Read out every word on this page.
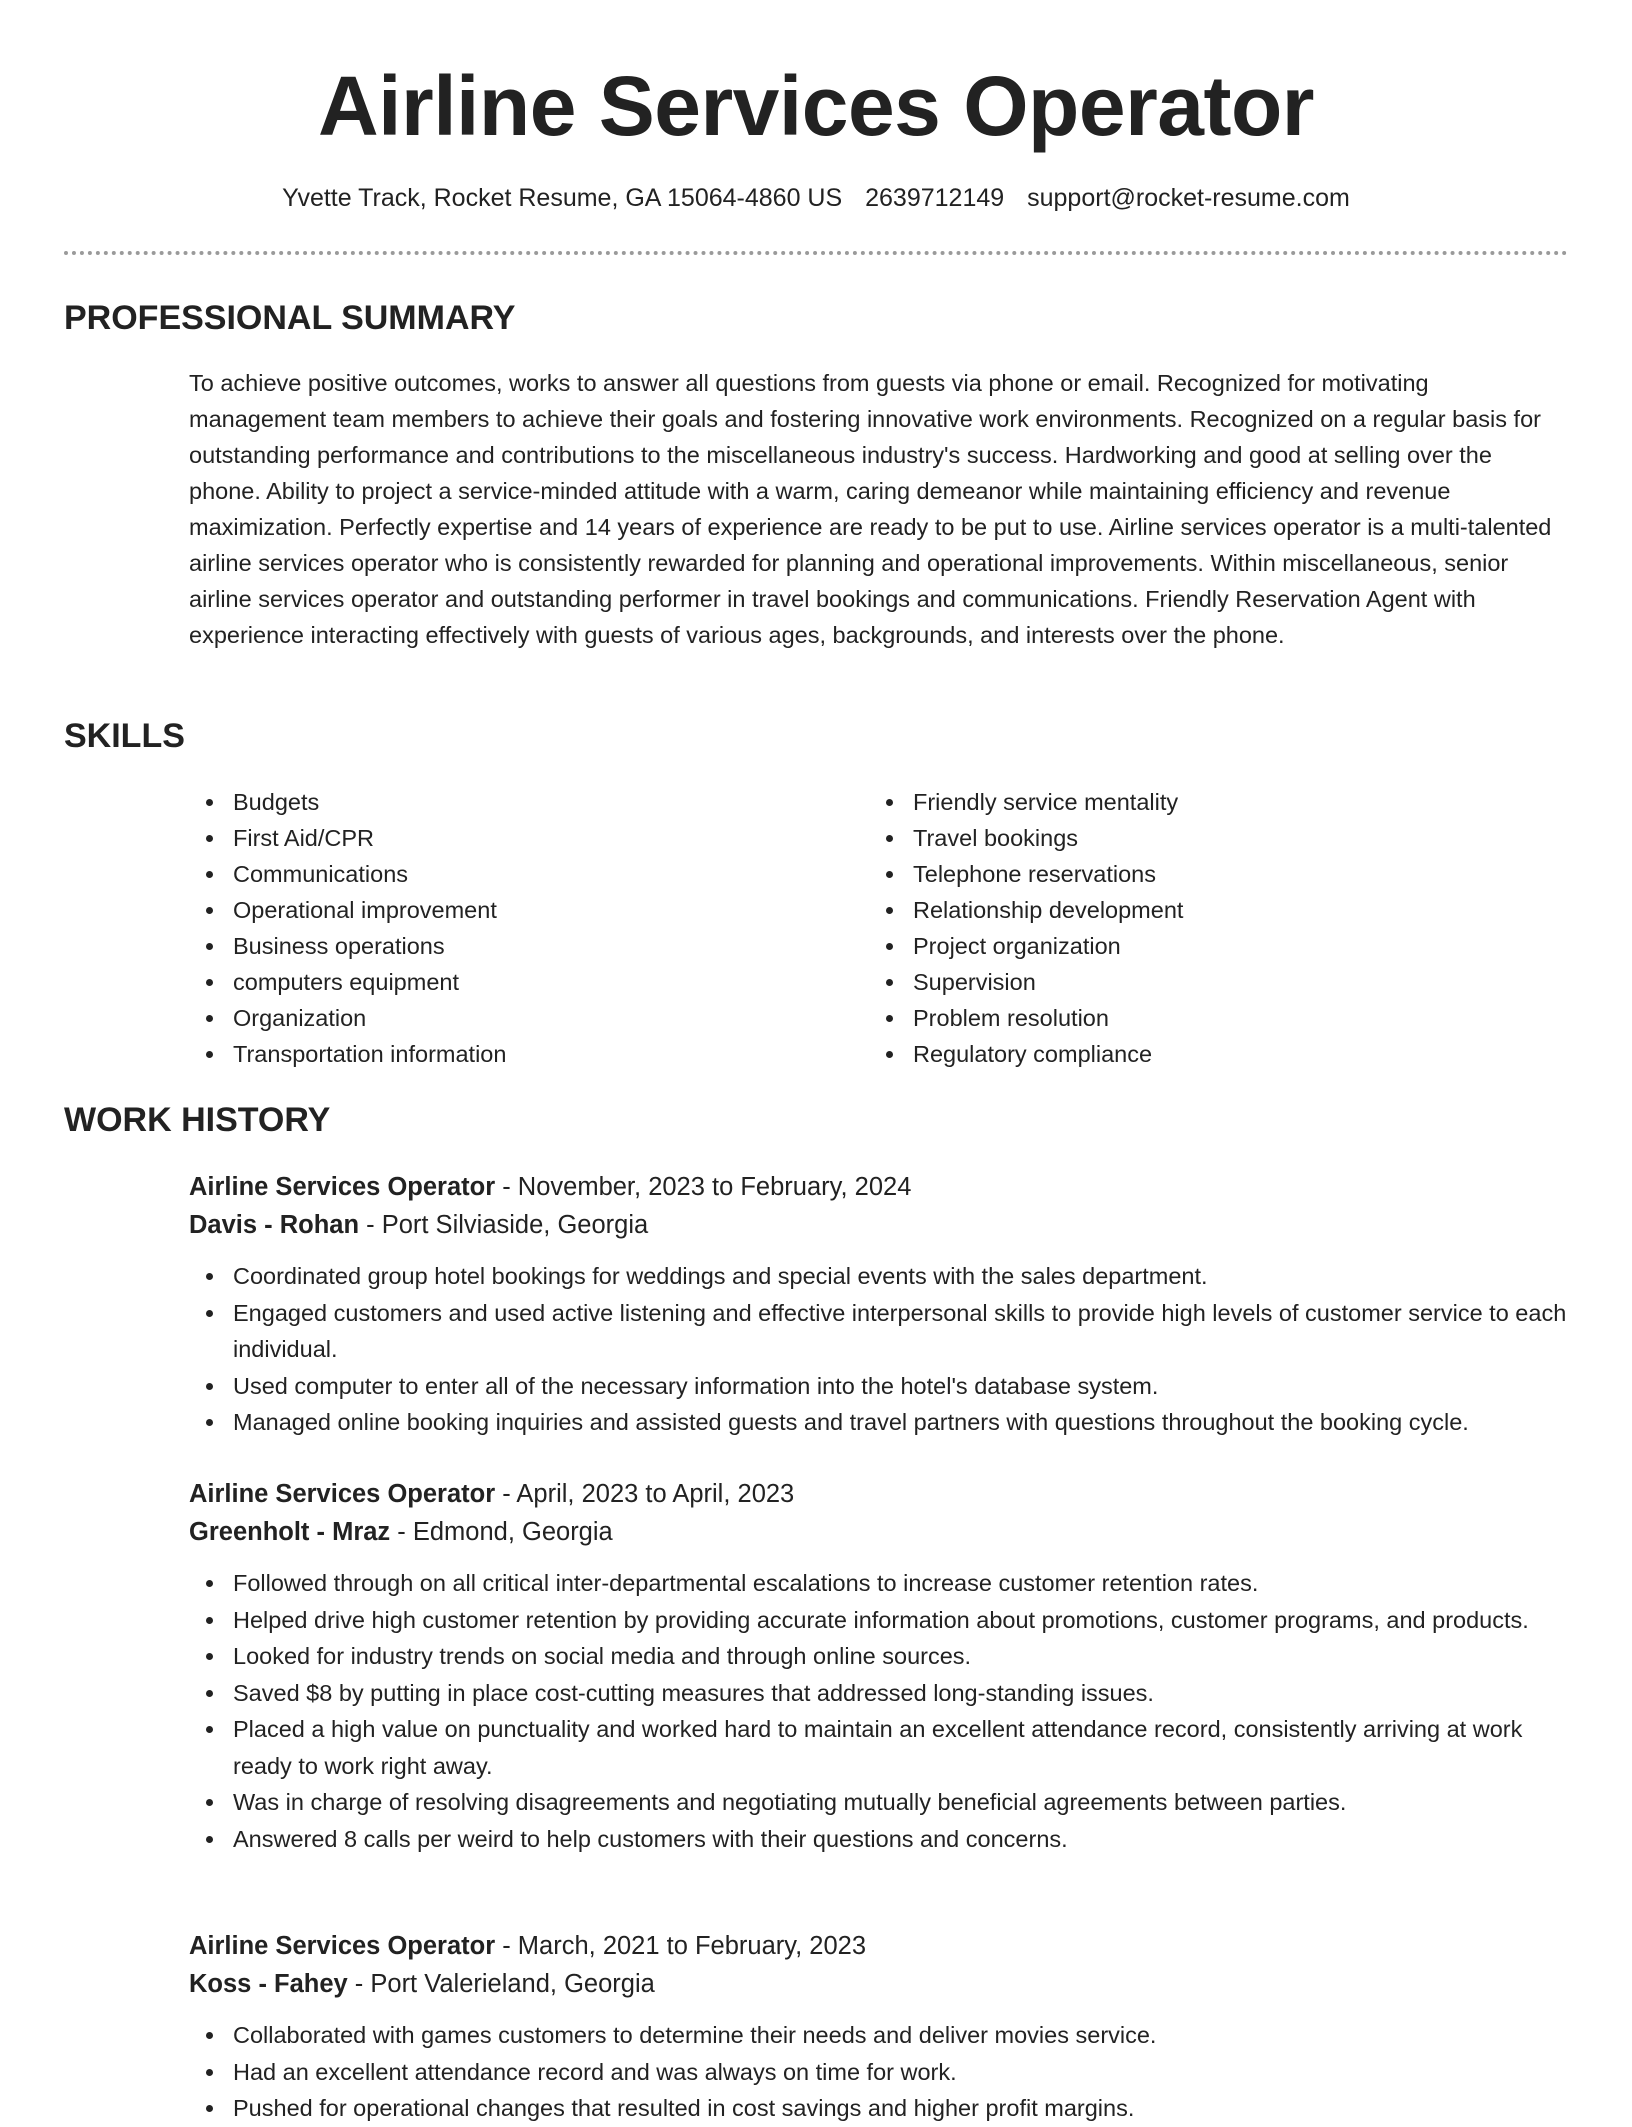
Airline Services Operator
Yvette Track, Rocket Resume, GA 15064-4860 US 2639712149 support@rocket-resume.com
PROFESSIONAL SUMMARY

To achieve positive outcomes, works to answer all questions from guests via phone or email. Recognized for motivating management team members to achieve their goals and fostering innovative work environments. Recognized on a regular basis for outstanding performance and contributions to the miscellaneous industry's success. Hardworking and good at selling over the phone. Ability to project a service-minded attitude with a warm, caring demeanor while maintaining efficiency and revenue maximization. Perfectly expertise and 14 years of experience are ready to be put to use. Airline services operator is a multi-talented airline services operator who is consistently rewarded for planning and operational improvements. Within miscellaneous, senior airline services operator and outstanding performer in travel bookings and communications. Friendly Reservation Agent with experience interacting effectively with guests of various ages, backgrounds, and interests over the phone.

SKILLS
Budgets
First Aid/CPR
Communications
Operational improvement
Business operations
computers equipment
Organization
Transportation information
Friendly service mentality
Travel bookings
Telephone reservations
Relationship development
Project organization
Supervision
Problem resolution
Regulatory compliance
WORK HISTORY

Airline Services Operator - November, 2023 to February, 2024

Davis - Rohan - Port Silviaside, Georgia

Coordinated group hotel bookings for weddings and special events with the sales department.
Engaged customers and used active listening and effective interpersonal skills to provide high levels of customer service to each individual.
Used computer to enter all of the necessary information into the hotel's database system.
Managed online booking inquiries and assisted guests and travel partners with questions throughout the booking cycle.

Airline Services Operator - April, 2023 to April, 2023

Greenholt - Mraz - Edmond, Georgia

Followed through on all critical inter-departmental escalations to increase customer retention rates.
Helped drive high customer retention by providing accurate information about promotions, customer programs, and products.
Looked for industry trends on social media and through online sources.
Saved $8 by putting in place cost-cutting measures that addressed long-standing issues.
Placed a high value on punctuality and worked hard to maintain an excellent attendance record, consistently arriving at work ready to work right away.
Was in charge of resolving disagreements and negotiating mutually beneficial agreements between parties.
Answered 8 calls per weird to help customers with their questions and concerns.

Airline Services Operator - March, 2021 to February, 2023

Koss - Fahey - Port Valerieland, Georgia

Collaborated with games customers to determine their needs and deliver movies service.
Had an excellent attendance record and was always on time for work.
Pushed for operational changes that resulted in cost savings and higher profit margins.
